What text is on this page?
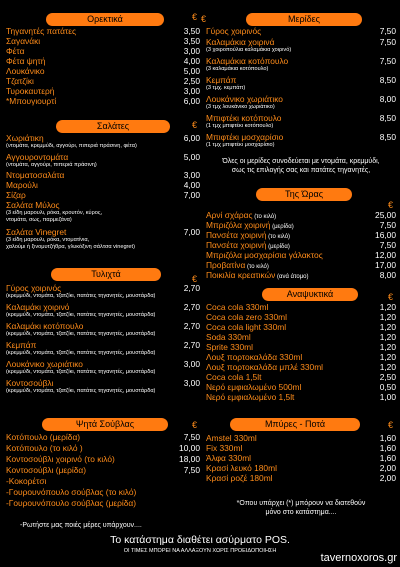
Ορεκτικά	€
Τηγανητές πατάτες	3,50
Σαγανάκι	3,50
Φέτα	3,00
Φέτα ψητή	4,00
Λουκάνικο	5,00
Τζατζίκι	2,50
Τυροκαυτερή	3,00
*Μπουγιουρτί	6,00
Σαλάτες	€
Χωριάτικη	6,00
(ντομάτα, κρεμμύδι, αγγούρι, πιπεριά πράσινη, φέτα)
Αγγουροντομάτα	5,00
(ντομάτα, αγγούρι, πιπεριά πράσινη)
Ντοματοσαλάτα	3,00
Μαρούλι	4,00
Σίζαρ	7,00
Σαλάτα Μύλος
(3 είδη μαρουλι, ρόκα, κρουτόν, κύρος,
ντομάτα, σως, παρμεζάνα)
Σαλάτα Vinegret	7,00
(3 είδη μαρουλι, ρόκα, ντοματίνια,
χαλούμι ή ξινομυτζήθρα, γλυκόξινη σάλτσα vinegret)
Τυλιχτά	€
Γύρος χοιρινός	2,70
(κρεμμύδι, ντομάτα, τζατζίκι, πατάτες τηγανητές, μουστάρδα)
Καλαμάκι χοιρινό	2,70
(κρεμμύδι, ντομάτα, τζατζίκι, πατάτες τηγανητές, μουστάρδα)
Καλαμάκι κοτόπουλο	2,70
(κρεμμύδι, ντομάτα, τζατζίκι, πατάτες τηγανητές, μουστάρδα)
Κεμπάπ	2,70
(κρεμμύδι, ντομάτα, τζατζίκι, πατάτες τηγανητές, μουστάρδα)
Λουκάνικο χωριάτικο	3,00
(κρεμμύδι, ντομάτα, τζατζίκι, πατάτες τηγανητές, μουστάρδα)
Κοντοσούβλι	3,00
(κρεμμύδι, ντομάτα, τζατζίκι, πατάτες τηγανητές, μουστάρδα)
Ψητά Σούβλας	€
Κοτόπουλο (μερίδα)	7,50
Κοτόπουλο (το κιλό )	10,00
Κοντοσούβλι χοιρινό (το κιλό)	18,00
Κοντοσούβλι (μερίδα)	7,50
-Κοκορέτσι
-Γουρουνόπουλο σούβλας (το κιλό)
-Γουρουνόπουλο σούβλας (μερίδα)
-Ρωτήστε μας ποιές μέρες υπάρχουν....
Μερίδες
€
Γύρος χοιρινός	7,50
Καλαμάκια χοιρινά	7,50
(3 χοιροπούλια καλαμάκια χοιρινό)
Καλαμάκια κοτόπουλο	7,50
(3 καλαμάκια κοτόπουλο)
Κεμπάπ	8,50
(3 τμχ. κεμπάπ)
Λουκάνικο χωριάτικο	8,00
(3 τμχ λουκάνικο χωριάτικο)
Μπιφτέκι κοτόπουλο	8,50
(1 τμχ μπιφτέκι κοτόπουλο)
Μπιφτέκι μοσχαρίσιο	8,50
(1 τμχ μπιφτέκι μοσχαρίσιο)
Όλες οι μερίδες συνοδεύεται με ντομάτα, κρεμμύδι,
σως τις επιλογής σας και πατάτες τηγανητές,
Της Ώρας
€
Αρνί σχάρας (το κιλό)	25,00
Μπριζόλα χοιρινή (μερίδα)	7,50
Πανσέτα χοιρινή (το κιλό)	16,00
Πανσέτα χοιρινή (μερίδα)	7,50
Μπριζόλα μοσχαρίσια γάλακτος	12,00
Προβατίνα (το κιλό)	17,00
Ποικιλία κρεατικών (ανά άτομο)	8,00
Αναψυκτικά	€
Coca cola 330ml	1,20
Coca cola zero 330ml	1,20
Coca cola light 330ml	1,20
Soda 330ml	1,20
Sprite 330ml	1,20
Λουξ πορτοκαλάδα 330ml	1,20
Λουξ πορτοκαλάδα μπλέ 330ml	1,20
Coca cola 1,5lt	2,50
Νερό εμφιαλωμένο 500ml	0,50
Νερό εμφιαλωμένο 1,5lt	1,00
Μπύρες - Ποτά	€
Amstel 330ml	1,60
Fix 330ml	1,60
Άλφα 330ml	1,60
Κρασί λευκό 180ml	2,00
Κρασί ροζέ 180ml	2,00
*Οπου υπάρχει (*) μπόρουν να διατεθούν
μόνο στο κατάστημα....
Το κατάστημα διαθέτει ασύρματο POS.
ΟΙ ΤΙΜΕΣ ΜΠΟΡΕΙ ΝΑ ΑΛΛΑΞΟΥΝ ΧΩΡΙΣ ΠΡΟΕΙΔΟΠΟΙΗΣΗ
tavernoxoros.gr
